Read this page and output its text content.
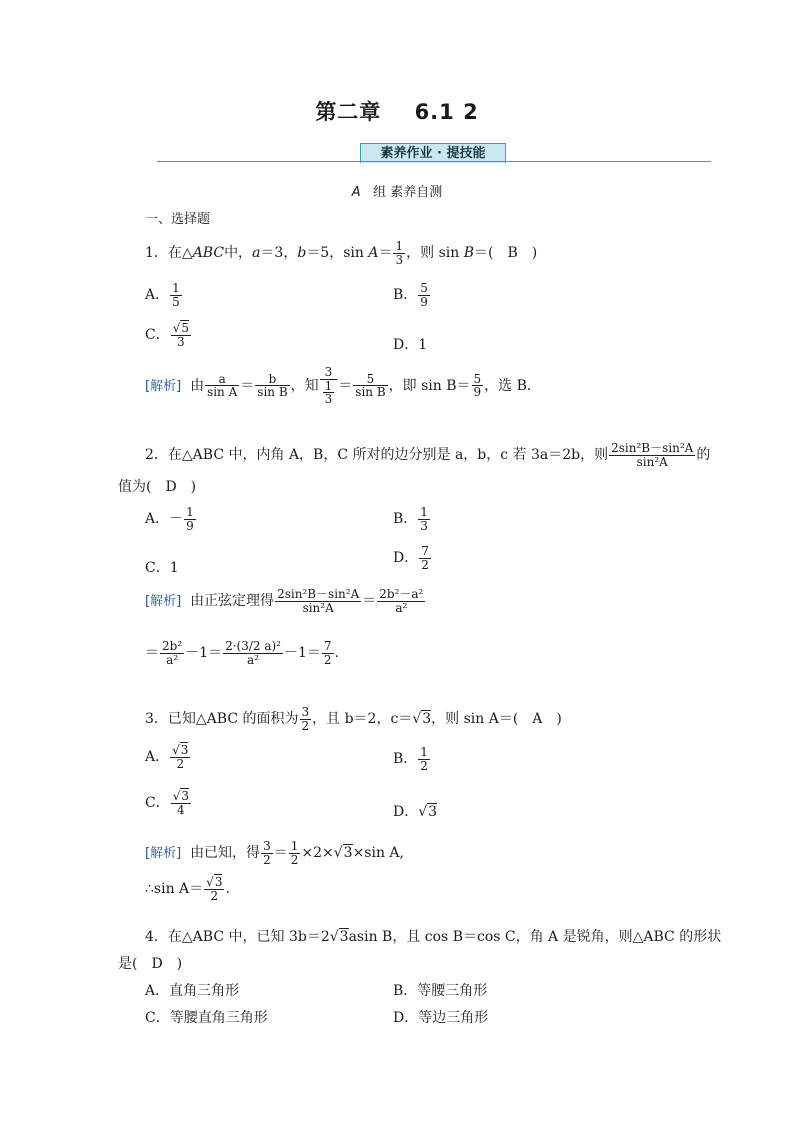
第二章 6.1 2
素养作业 · 提技能
A 组 素养自测
一、选择题
1．在△ABC中，a＝3，b＝5，$\sin A= \frac{1}{3}$ ，则 sin B＝(　B　)
A． $\frac{1}{5}$	B． $\frac{5}{9}$
C． $\frac{√5}{3}$	D．1
[解析] 由 $\frac{a}{\text{sin A}} = \frac{b}{\text{sin B}}$ ，知 $\frac{3}{\frac{1}{3}} = \frac{5}{\text{sin B}}$ ，即 $\sin B= \frac{5}{9}$ ，选 B．
2．在△ABC 中，内角 A，B，C 所对的边分别是 a，b，c 若 3a＝2b，则 $\frac{\text{2sin²B－sin²A}}{\text{sin²A}}$ 的
值为(　D　)
A．－ $\frac{1}{9}$	B． $\frac{1}{3}$
C．1
D． $\frac{7}{2}$
[解析] 由正弦定理得 $\frac{\text{2sin²B－sin²A}}{\text{sin²A}} = \frac{\text{2b²－a²}}{\text{a²}}$
＝ $\frac{\text{2b²}}{\text{a²}} -1= \frac{\text{2·(3/2 a)²}}{\text{a²}} -1= \frac{7}{2}$ .
3．已知△ABC 的面积为 $\frac{3}{2}$ ，且 b＝2，c＝√3，则 sin A＝(　A　)
A． $\frac{√3}{2}$	B． $\frac{1}{2}$
C． $\frac{√3}{4}$	D．√3
[解析] 由已知，得 $\frac{3}{2} = \frac{1}{2} \times 2\times√3\times\sin$ A,
∴sin $A= \frac{√3}{2}$ .
4．在△ABC 中，已知 3b＝2√3asin B，且 cos B＝cos C，角 A 是锐角，则△ABC 的形状
是(　D　)
A．直角三角形	B．等腰三角形
C．等腰直角三角形	D．等边三角形
